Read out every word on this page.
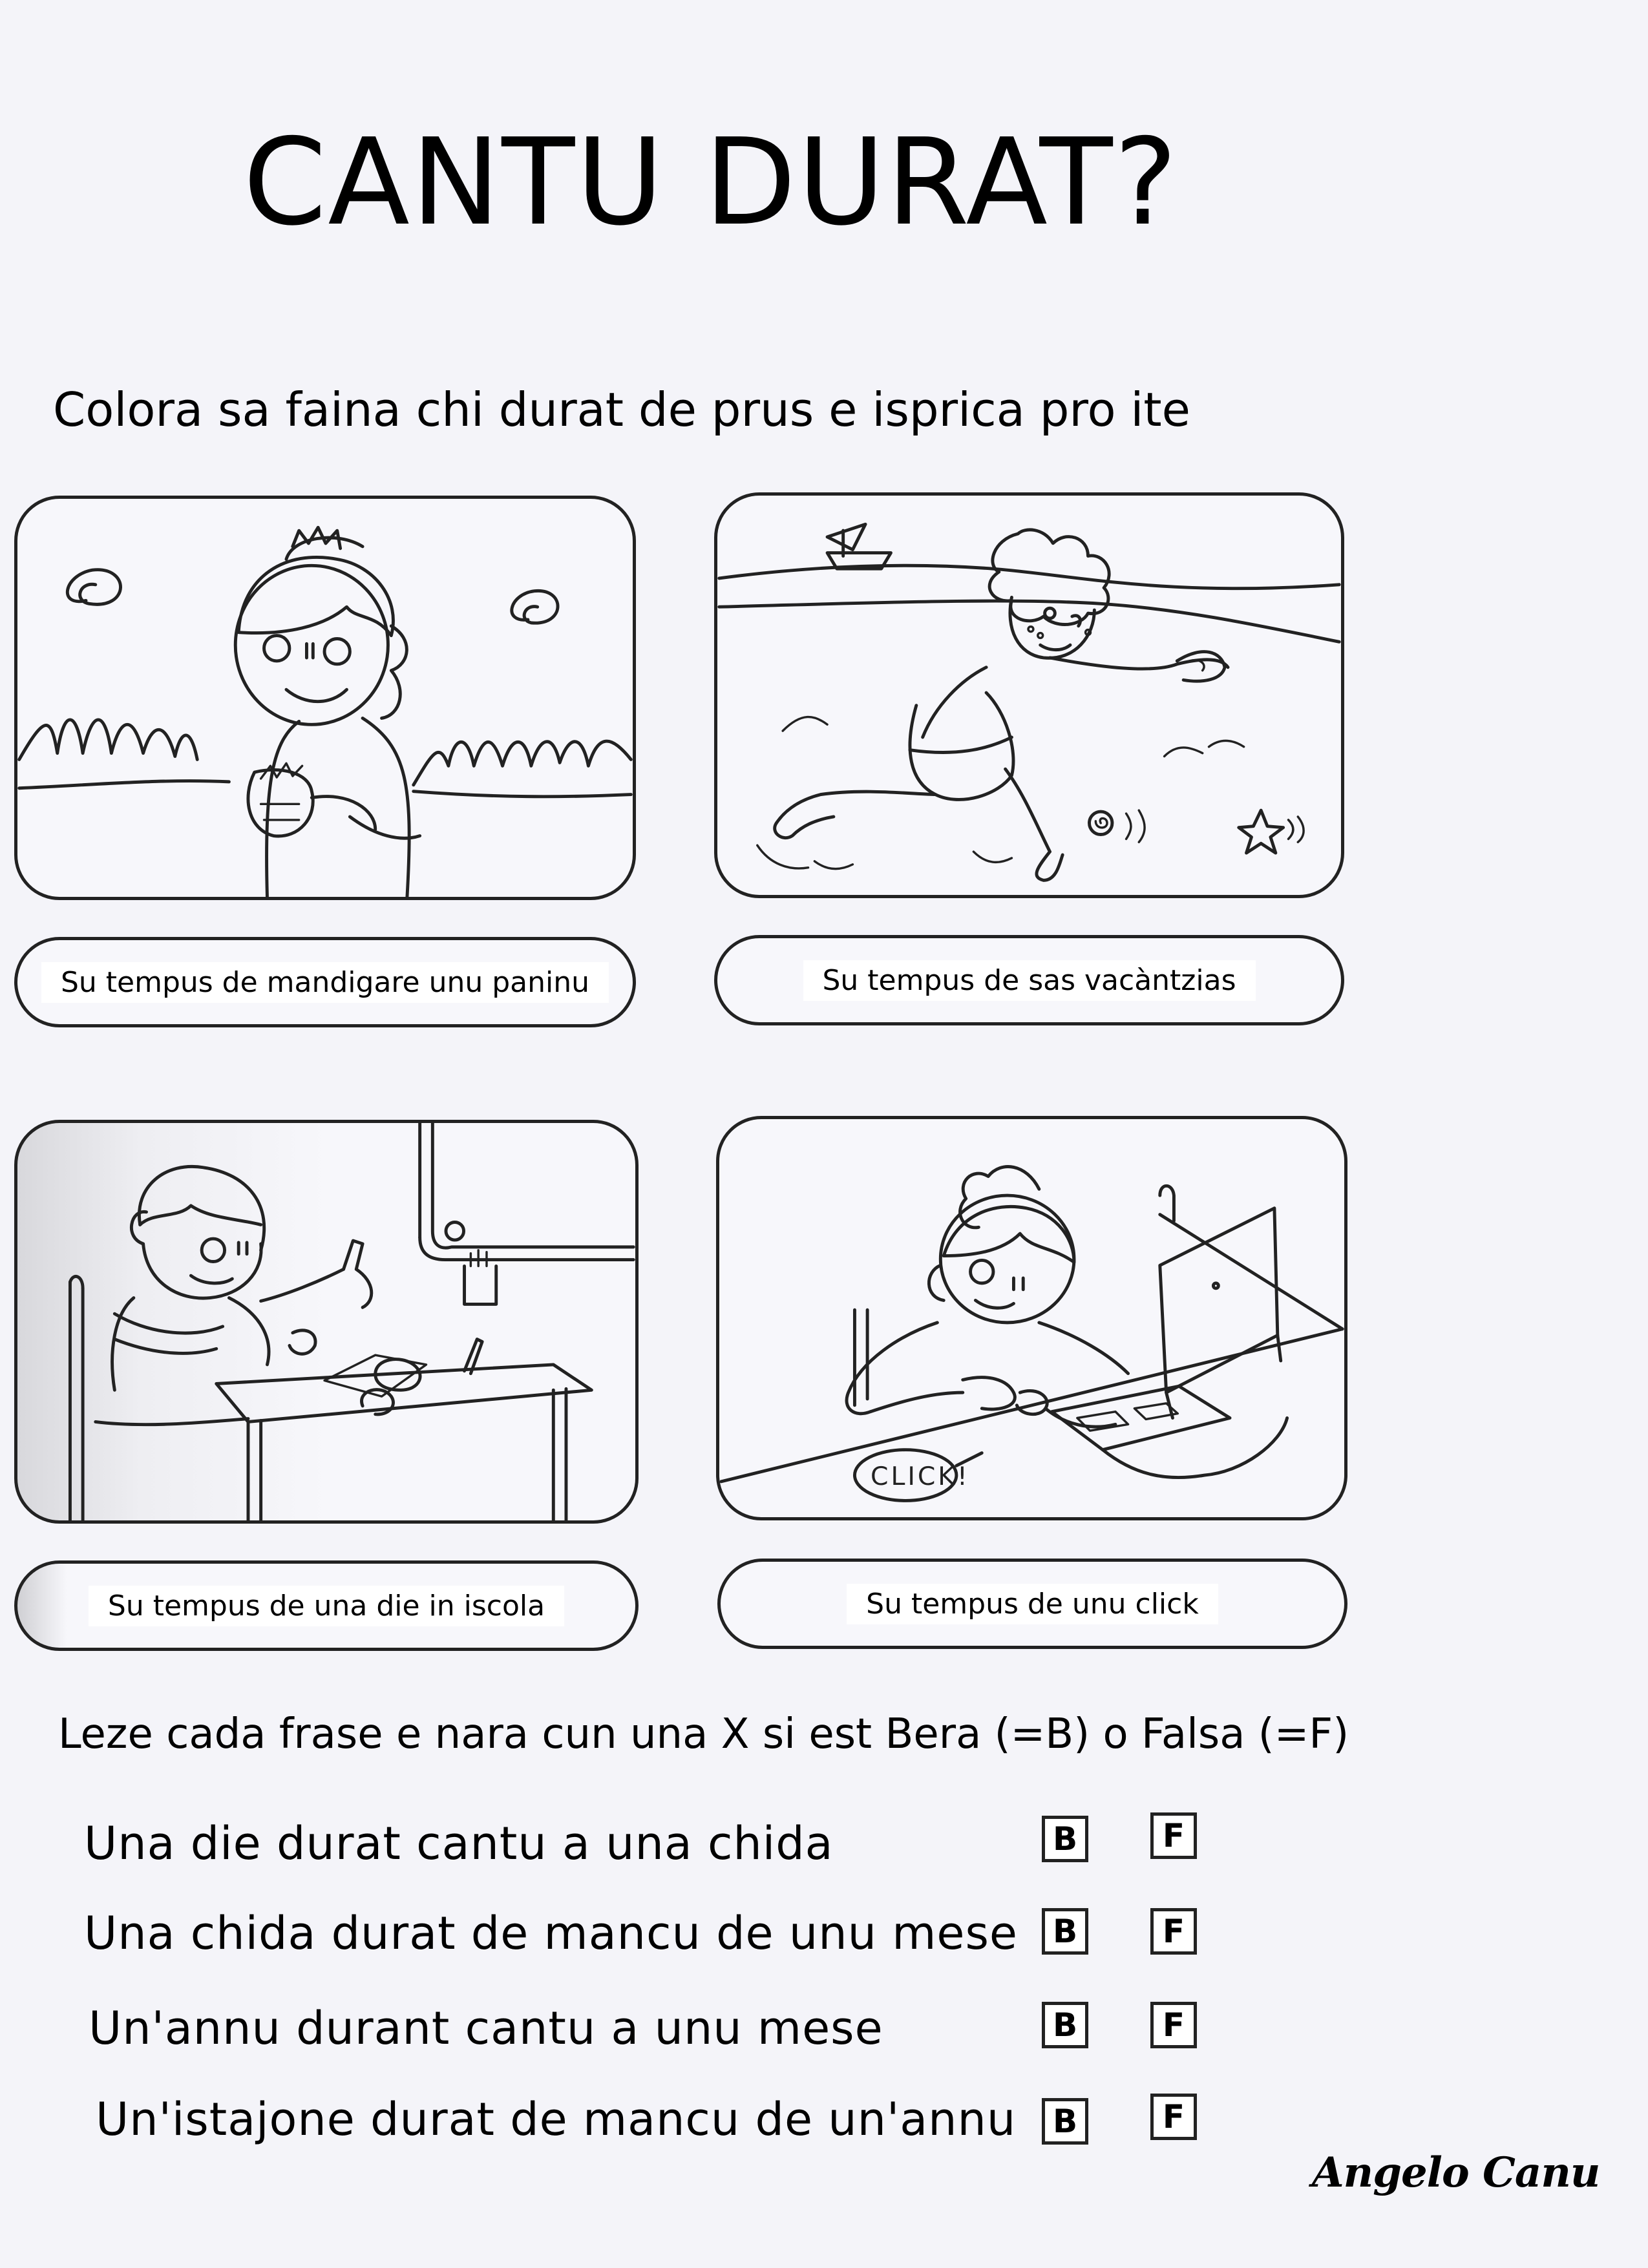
CANTU DURAT?
Colora sa faina chi durat de prus e isprica pro ite
Su tempus de mandigare unu paninu	Su tempus de sas vacàntzias
Su tempus de una die in iscola
CLICK!
Su tempus de unu click
Leze cada frase e nara cun una X si est Bera (=B) o Falsa (=F)
Una die durat cantu a una chida	B	F
Una chida durat de mancu de unu mese B	F
Un'annu durant cantu a unu mese	B	F
Un'istajone durat de mancu de un'annu B	F
Angelo Canu
